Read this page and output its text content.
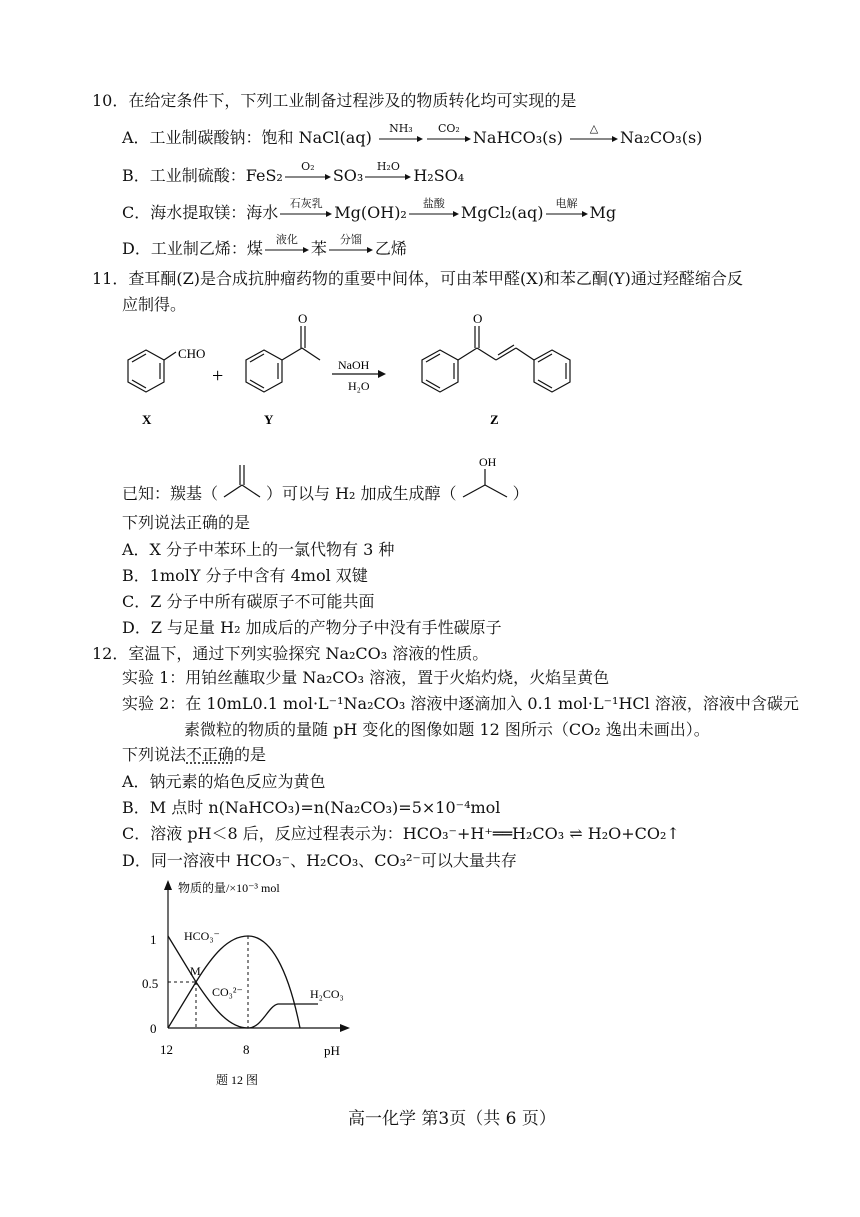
10．在给定条件下，下列工业制备过程涉及的物质转化均可实现的是
A．工业制碳酸钠：饱和 NaCl(aq)	NH₃	CO₂ NaHCO₃(s)	△	Na₂CO₃(s)
B．工业制硫酸：FeS₂	O₂	SO₃	H₂O H₂SO₄
C．海水提取镁：海水	石灰乳 Mg(OH)₂	盐酸	MgCl₂(aq)	电解 Mg
D．工业制乙烯：煤	液化 苯	分馏 乙烯
11．查耳酮(Z)是合成抗肿瘤药物的重要中间体，可由苯甲醛(X)和苯乙酮(Y)通过羟醛缩合反
应制得。
CHO
X
+
O
Y
NaOH
H₂O
O
Z
已知：羰基（	）可以与 H₂ 加成生成醇（
OH
）
下列说法正确的是
A．X 分子中苯环上的一氯代物有 3 种
B．1molY 分子中含有 4mol 双键
C．Z 分子中所有碳原子不可能共面
D．Z 与足量 H₂ 加成后的产物分子中没有手性碳原子
12．室温下，通过下列实验探究 Na₂CO₃ 溶液的性质。
实验 1：用铂丝蘸取少量 Na₂CO₃ 溶液，置于火焰灼烧，火焰呈黄色
实验 2：在 10mL0.1 mol·L⁻¹Na₂CO₃ 溶液中逐滴加入 0.1 mol·L⁻¹HCl 溶液，溶液中含碳元
素微粒的物质的量随 pH 变化的图像如题 12 图所示（CO₂ 逸出未画出）。
下列说法不正确的是
A．钠元素的焰色反应为黄色
B．M 点时 n(NaHCO₃)=n(Na₂CO₃)=5×10⁻⁴mol
C．溶液 pH＜8 后，反应过程表示为：HCO₃⁻+H⁺══H₂CO₃ ⇌ H₂O+CO₂↑
D．同一溶液中 HCO₃⁻、H₂CO₃、CO₃²⁻可以大量共存
物质的量/×10⁻³ mol
pH
1
0.5
0
12	8
HCO₃⁻
M
CO₃²⁻	H₂CO₃
题 12 图
高一化学 第3页（共 6 页）
